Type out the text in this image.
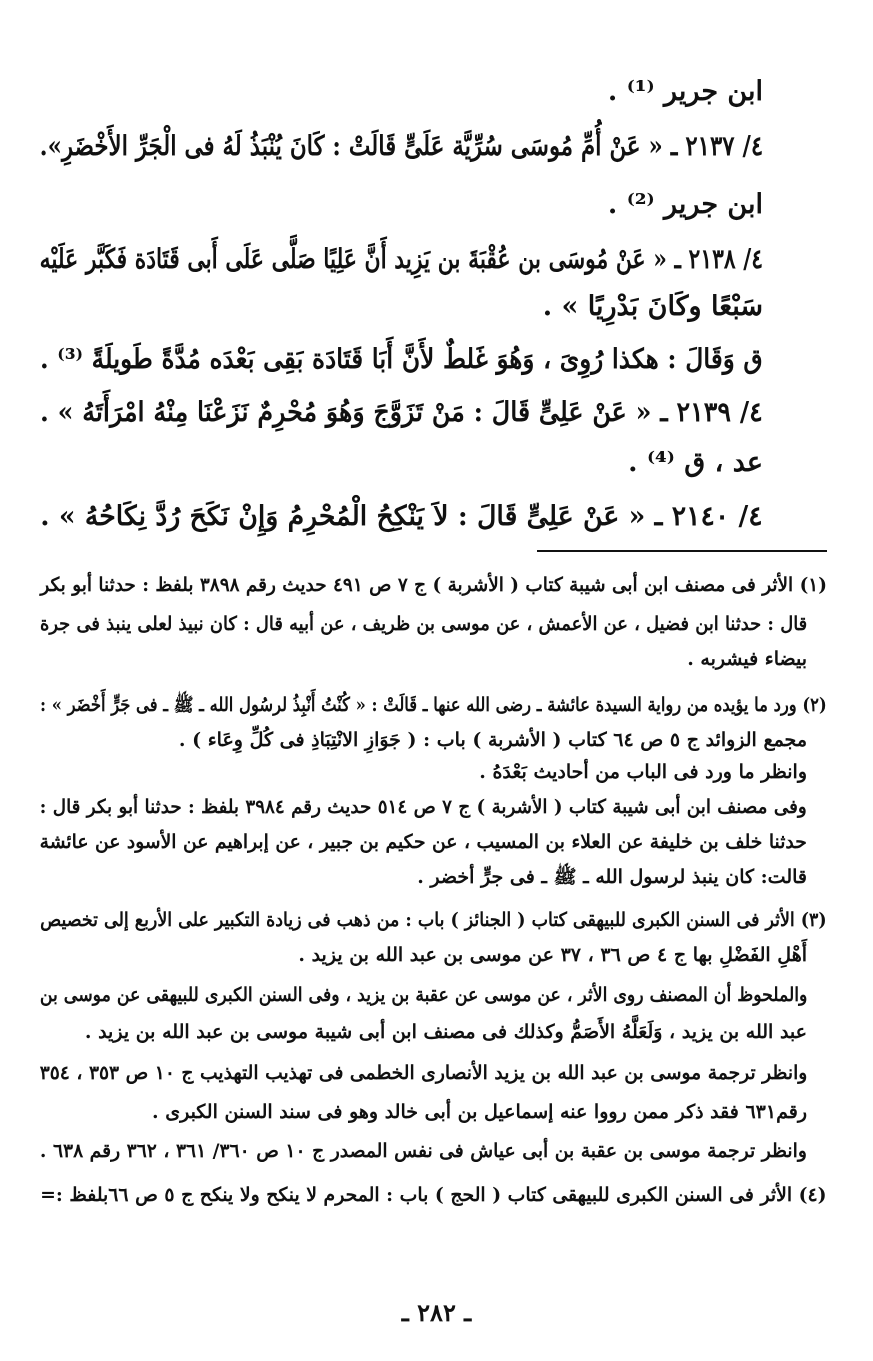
ابن جرير ⁽¹⁾ .
٤/ ٢١٣٧ ـ « عَنْ أُمِّ مُوسَى سُرِّيَّة عَلَىٍّ قَالَتْ : كَانَ يُنْبَذُ لَهُ فى الْجَرِّ الأَخْضَرِ».
ابن جرير ⁽²⁾ .
٤/ ٢١٣٨ ـ « عَنْ مُوسَى بن عُقْبَةَ بن يَزِيد أَنَّ عَلِيًا صَلَّى عَلَى أَبى قَتَادَة فَكَبَّر عَلَيْه
سَبْعًا وكَانَ بَدْرِيًا » .
ق وَقَالَ : هكذا رُوِىَ ، وَهُوَ غَلطٌ لأَنَّ أَبَا قَتَادَة بَقِى بَعْدَه مُدَّةً طَويلَةً ⁽³⁾ .
٤/ ٢١٣٩ ـ « عَنْ عَلِىٍّ قَالَ : مَنْ تَزَوَّجَ وَهُوَ مُحْرِمٌ نَزَعْنَا مِنْهُ امْرَأَتَهُ » .
عد ، ق ⁽⁴⁾ .
٤/ ٢١٤٠ ـ « عَنْ عَلِىٍّ قَالَ : لاَ يَنْكِحُ الْمُحْرِمُ وَإِنْ نَكَحَ رُدَّ نِكَاحُهُ » .
(١) الأثر فى مصنف ابن أبى شيبة كتاب ( الأشربة ) ج ٧ ص ٤٩١ حديث رقم ٣٨٩٨ بلفظ : حدثنا أبو بكر
قال : حدثنا ابن فضيل ، عن الأعمش ، عن موسى بن ظريف ، عن أبيه قال : كان نبيذ لعلى ينبذ فى جرة
بيضاء فيشربه .
(٢) ورد ما يؤيده من رواية السيدة عائشة ـ رضى الله عنها ـ قَالَتْ : « كُنْتُ أَنْبِذُ لرسُول الله ـ ﷺ ـ فى جَرٍّ أَخْضَر » :
مجمع الزوائد ج ٥ ص ٦٤ كتاب ( الأشربة ) باب : ( جَوَازِ الانْتِبَاذِ فى كُلِّ وِعَاء ) .
وانظر ما ورد فى الباب من أحاديث بَعْدَهُ .
وفى مصنف ابن أبى شيبة كتاب ( الأشربة ) ج ٧ ص ٥١٤ حديث رقم ٣٩٨٤ بلفظ : حدثنا أبو بكر قال :
حدثنا خلف بن خليفة عن العلاء بن المسيب ، عن حكيم بن جبير ، عن إبراهيم عن الأسود عن عائشة
قالت: كان ينبذ لرسول الله ـ ﷺ ـ فى جرٍّ أخضر .
(٣) الأثر فى السنن الكبرى للبيهقى كتاب ( الجنائز ) باب : من ذهب فى زيادة التكبير على الأربع إلى تخصيص
أَهْلِ الفَضْلِ بها ج ٤ ص ٣٦ ، ٣٧ عن موسى بن عبد الله بن يزيد .
والملحوظ أن المصنف روى الأثر ، عن موسى عن عقبة بن يزيد ، وفى السنن الكبرى للبيهقى عن موسى بن
عبد الله بن يزيد ، وَلَعَلَّهُ الأَصَمُّ وكذلك فى مصنف ابن أبى شيبة موسى بن عبد الله بن يزيد .
وانظر ترجمة موسى بن عبد الله بن يزيد الأنصارى الخطمى فى تهذيب التهذيب ج ١٠ ص ٣٥٣ ، ٣٥٤
رقم٦٣١ فقد ذكر ممن رووا عنه إسماعيل بن أبى خالد وهو فى سند السنن الكبرى .
وانظر ترجمة موسى بن عقبة بن أبى عياش فى نفس المصدر ج ١٠ ص ٣٦٠/ ٣٦١ ، ٣٦٢ رقم ٦٣٨ .
(٤) الأثر فى السنن الكبرى للبيهقى كتاب ( الحج ) باب : المحرم لا ينكح ولا ينكح ج ٥ ص ٦٦بلفظ :=
ـ ٢٨٢ ـ
